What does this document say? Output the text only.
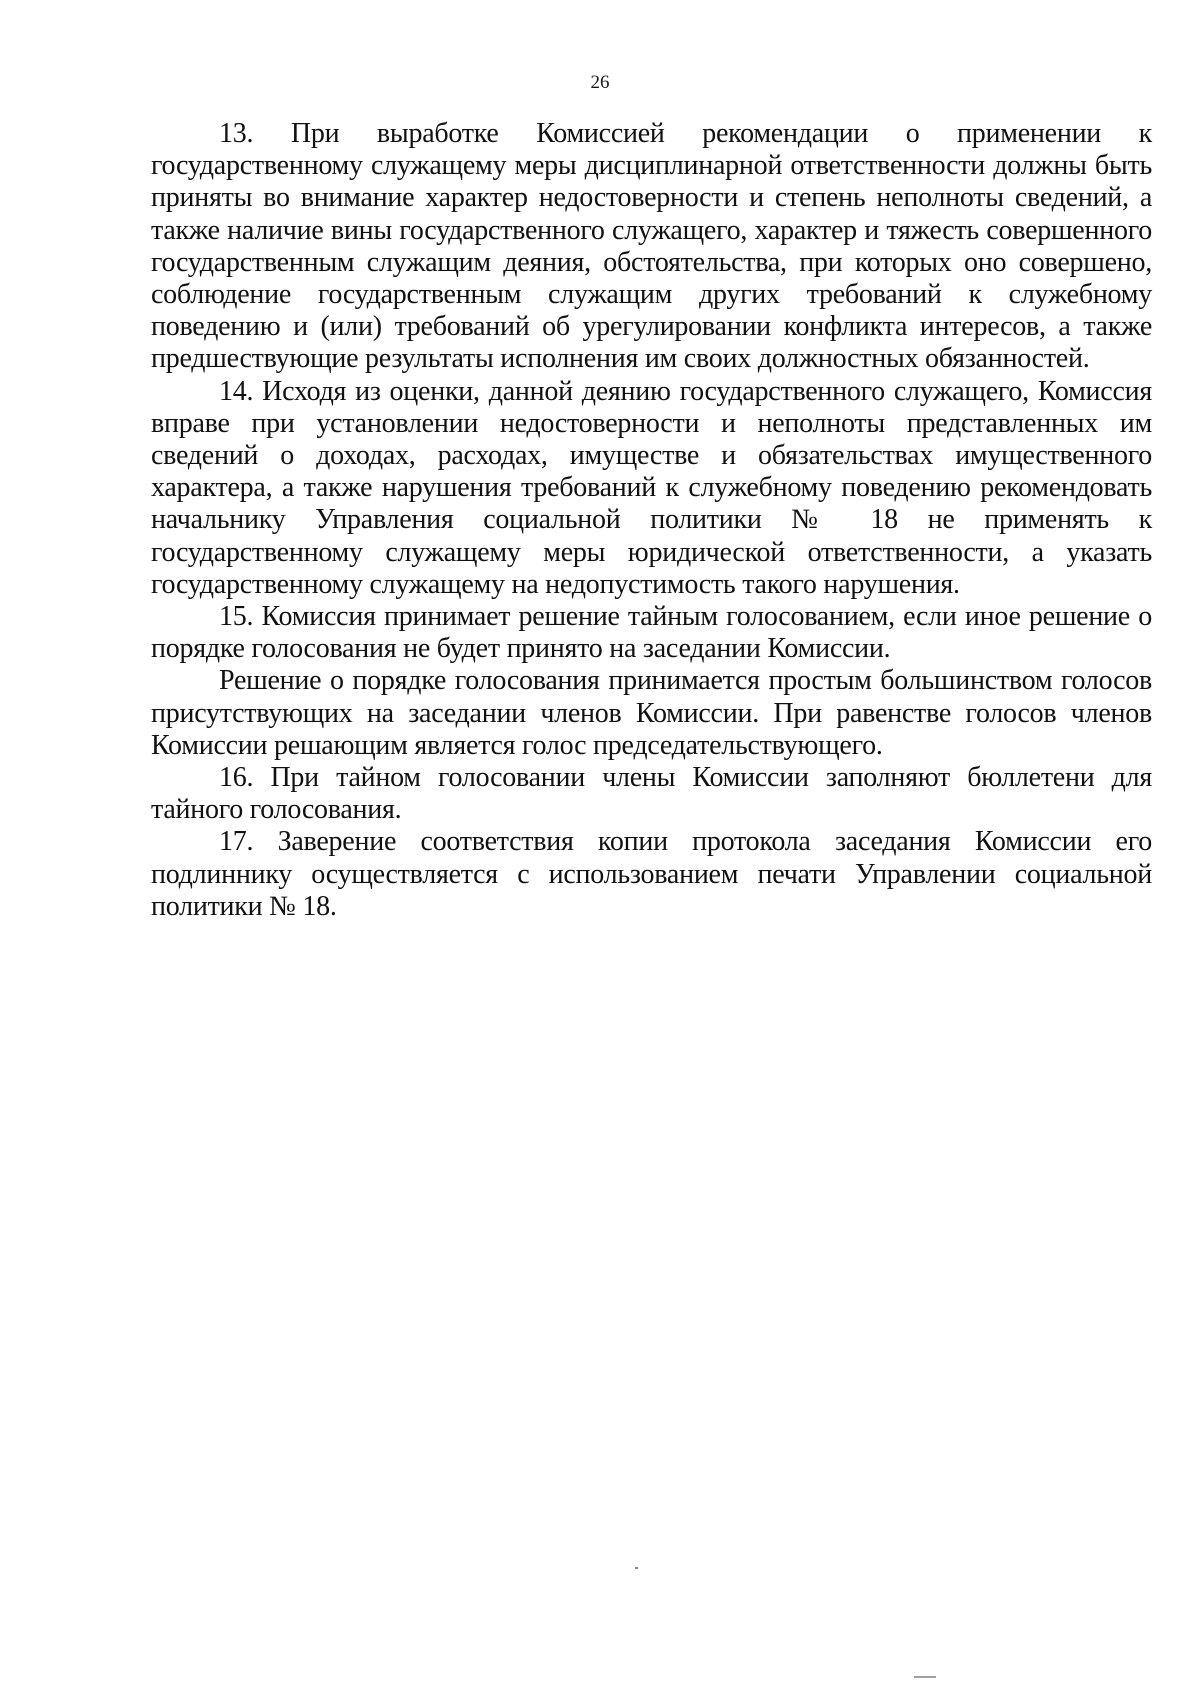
26

13. При выработке Комиссией рекомендации о применении к государственному служащему меры дисциплинарной ответственности должны быть приняты во внимание характер недостоверности и степень неполноты сведений, а также наличие вины государственного служащего, характер и тяжесть совершенного государственным служащим деяния, обстоятельства, при которых оно совершено, соблюдение государственным служащим других требований к служебному поведению и (или) требований об урегулировании конфликта интересов, а также предшествующие результаты исполнения им своих должностных обязанностей.

14. Исходя из оценки, данной деянию государственного служащего, Комиссия вправе при установлении недостоверности и неполноты представленных им сведений о доходах, расходах, имуществе и обязательствах имущественного характера, а также нарушения требований к служебному поведению рекомендовать начальнику Управления социальной политики № 18 не применять к государственному служащему меры юридической ответственности, а указать государственному служащему на недопустимость такого нарушения.

15. Комиссия принимает решение тайным голосованием, если иное решение о порядке голосования не будет принято на заседании Комиссии.

Решение о порядке голосования принимается простым большинством голосов присутствующих на заседании членов Комиссии. При равенстве голосов членов Комиссии решающим является голос председательствующего.

16. При тайном голосовании члены Комиссии заполняют бюллетени для тайного голосования.

17. Заверение соответствия копии протокола заседания Комиссии его подлиннику осуществляется с использованием печати Управлении социальной политики № 18.
